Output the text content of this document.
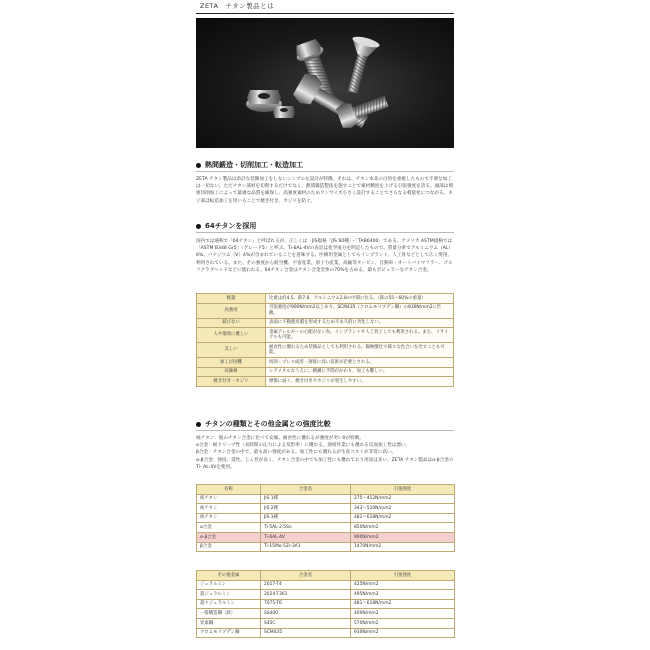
ZETA　チタン製品とは
熱間鍛造・切削加工・転造加工

ZETA チタン製品は余計な装飾加工をしないシンプルな設計が特徴。それは、チタン本来の目的を重視したもので不要な加工は一切ない。ただチタン部材を切削するだけでなく、熱間鍛造製法を施すことで素材精度を上げる引張強度を誇る。頭部は増密切削加工によって最適な品質を確保し、高強度素材のためワンサイズ小さく設計することでさらなる軽量化につながる。ネジ部は転造加工を用いることで焼き付き、カジリを防ぐ。

64チタンを採用

国内では通称で「64チタン」と呼ばれるが、正しくは　JIS規格「JIS 60種」・「TAB6400」である。アメリカ ASTM規格では「ASTM B348 Gr5」（グレード5）と呼ぶ。Ti-6AL-4Vの表記は化学成分を明記したもので、質量分率でアルミニウム（AL）6%、バナジウム（V）4%が含まれていることを意味する。医療用金属としてもインプラント、人工骨などとして広く愛用、利用されている。また、その強度から航空機、宇宙産業、原子力産業、高級等タービン、自動車・オートバイマフラー、ゴルフクラブヘッドなどに使われる。64チタン合金はチタン合金全体の70%を占める、最もポピュラーなチタン合金。

軽量	比重は約4.5。鉄7.8、アルミニウム2.8の中間に位る。（鉄の55～60%の重量）
高強度	引張強度が900N/mm2以上あり、SCM435（クロムモリブデン鋼）の930N/mm2に匹敵。
錆びない	表面に不動態皮膜を形成するため半永久的に劣化しない。
人や環境に優しい	金属アレルギーの心配がない為、インプラントや人工骨としても利用される。また、リサイクルも可能。
美しい	耐食性に優れるため装飾品としても利用される。陽極酸化で様々な色合いを出すことも可能。
加工が困難	切削・プレス成形・溶接に高い技術が必要とされる。
高価格	レアメタルなうえに、精錬に手間がかかり、加工も難しい。
焼き付き・カジリ	摩擦に弱く、焼き付きやカジリが発生しやすい。
チタンの種類とその他金属との強度比較

純チタン：他のチタン合金に比べて安価。耐食性に優れるが強度が劣い0が特徴。
α合金：耐クリープ性（長時間の応力による変形率）に優れる。溶接作業にも優れる反面加工性は悪い。
β合金：チタン合金の中で、最も高い強度がある。加工性にも優れるが生産コストが非常に高い。
α-β合金：強度、延性、じん性が良く、チタン合金の中でも加工性にも優れており用途は多い。ZETA チタン製品はα-β合金のTi- AL-4Vを使用。

名称	合金名	引張強度
純チタン	JIS 1種	275～412N/mm2
純チタン	JIS 2種	343～510N/mm2
純チタン	JIS 3種	481～618N/mm2
α合金	Ti-5AL-2.5Sn	850N/mm2
α-β合金	Ti-6AL-4V	900N/mm2
β合金	Ti-15Mo-5Zr-3A1	1470N/mm2
その他金属	合金名	引張強度
ジュラルミン	2017-T4	425N/mm2
超ジュラルミン	2024-T361	495N/mm2
超々ジュラルミン	7075-T6	481～618N/mm2
一般構造鋼（鉄）	SS400	400N/mm2
炭素鋼	S45C	570N/mm2
クロムモリブデン鋼	SCM435	930N/mm2
